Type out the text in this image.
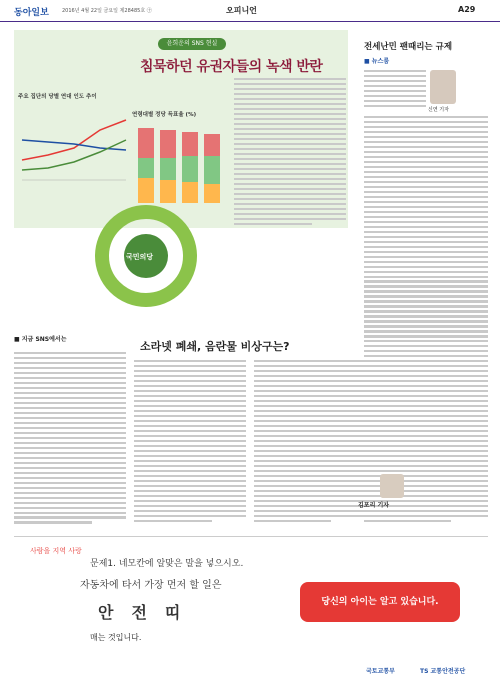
동아일보	2016년 4월 22일 금요일 제28485호 ㊉	오피니언	A29
윤희운의 SNS 현실
침묵하던 유권자들의 녹색 반란
주요 집단의 당별 연대 인도 추이
연령대별 정당 득표율 (%)
국민의당
전세난민 팬때리는 규제
■ 뉴스룸
신연 기자
■ 지금 SNS에서는
소라넷 폐쇄, 음란물 비상구는?
김포리 기자
사람을 지역 사랑
문제1. 네모칸에 알맞은 말을 넣으시오.
자동차에 타서 가장 먼저 할 일은
안 전 띠
매는 것입니다.
당신의 아이는 알고 있습니다.
국토교통부	TS 교통안전공단
